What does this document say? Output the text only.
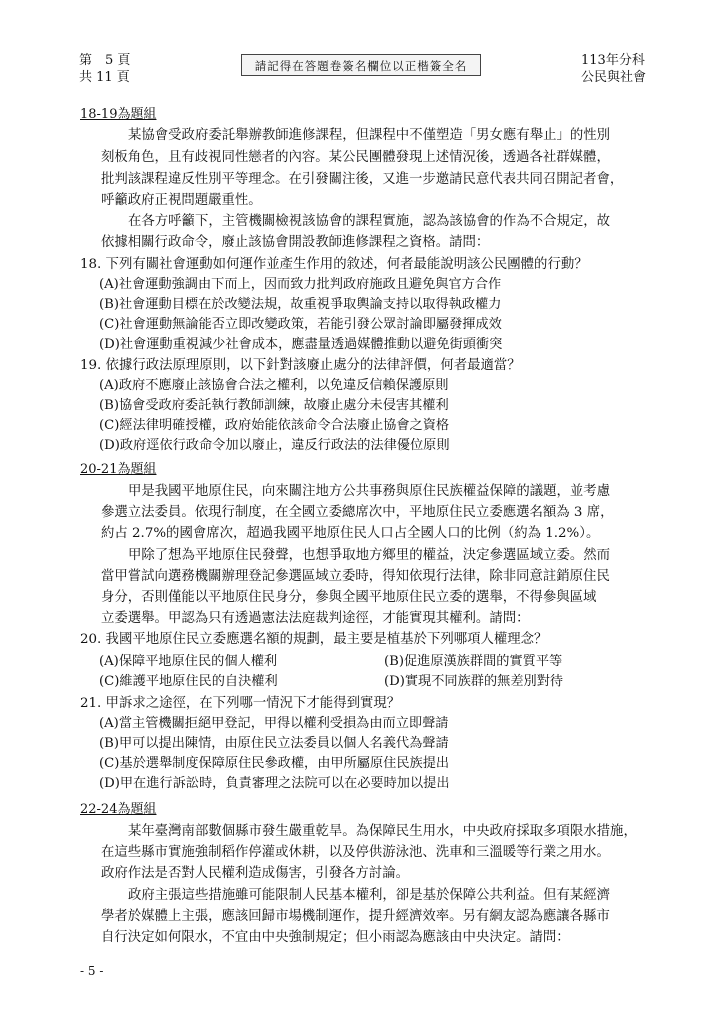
第　5 頁
共 11 頁
請記得在答題卷簽名欄位以正楷簽全名	113年分科
公民與社會
18-19為題組
某協會受政府委託舉辦教師進修課程，但課程中不僅塑造「男女應有舉止」的性別
刻板角色，且有歧視同性戀者的內容。某公民團體發現上述情況後，透過各社群媒體，
批判該課程違反性別平等理念。在引發關注後，又進一步邀請民意代表共同召開記者會，
呼籲政府正視問題嚴重性。
在各方呼籲下，主管機關檢視該協會的課程實施，認為該協會的作為不合規定，故
依據相關行政命令，廢止該協會開設教師進修課程之資格。請問：
18. 下列有關社會運動如何運作並產生作用的敘述，何者最能說明該公民團體的行動？
(A)社會運動強調由下而上，因而致力批判政府施政且避免與官方合作
(B)社會運動目標在於改變法規，故重視爭取輿論支持以取得執政權力
(C)社會運動無論能否立即改變政策，若能引發公眾討論即屬發揮成效
(D)社會運動重視減少社會成本，應盡量透過媒體推動以避免街頭衝突
19. 依據行政法原理原則，以下針對該廢止處分的法律評價，何者最適當？
(A)政府不應廢止該協會合法之權利，以免違反信賴保護原則
(B)協會受政府委託執行教師訓練，故廢止處分未侵害其權利
(C)經法律明確授權，政府始能依該命令合法廢止協會之資格
(D)政府逕依行政命令加以廢止，違反行政法的法律優位原則
20-21為題組
甲是我國平地原住民，向來關注地方公共事務與原住民族權益保障的議題，並考慮
參選立法委員。依現行制度，在全國立委總席次中，平地原住民立委應選名額為 3 席，
約占 2.7%的國會席次，超過我國平地原住民人口占全國人口的比例（約為 1.2%）。
甲除了想為平地原住民發聲，也想爭取地方鄉里的權益，決定參選區域立委。然而
當甲嘗試向選務機關辦理登記參選區域立委時，得知依現行法律，除非同意註銷原住民
身分，否則僅能以平地原住民身分，參與全國平地原住民立委的選舉，不得參與區域
立委選舉。甲認為只有透過憲法法庭裁判途徑，才能實現其權利。請問：
20. 我國平地原住民立委應選名額的規劃，最主要是植基於下列哪項人權理念？
(A)保障平地原住民的個人權利	(B)促進原漢族群間的實質平等
(C)維護平地原住民的自決權利	(D)實現不同族群的無差別對待
21. 甲訴求之途徑，在下列哪一情況下才能得到實現？
(A)當主管機關拒絕甲登記，甲得以權利受損為由而立即聲請
(B)甲可以提出陳情，由原住民立法委員以個人名義代為聲請
(C)基於選舉制度保障原住民參政權，由甲所屬原住民族提出
(D)甲在進行訴訟時，負責審理之法院可以在必要時加以提出
22-24為題組
某年臺灣南部數個縣市發生嚴重乾旱。為保障民生用水，中央政府採取多項限水措施，
在這些縣市實施強制稻作停灌或休耕，以及停供游泳池、洗車和三溫暖等行業之用水。
政府作法是否對人民權利造成傷害，引發各方討論。
政府主張這些措施雖可能限制人民基本權利，卻是基於保障公共利益。但有某經濟
學者於媒體上主張，應該回歸市場機制運作，提升經濟效率。另有網友認為應讓各縣市
自行決定如何限水，不宜由中央強制規定；但小雨認為應該由中央決定。請問：
- 5 -
